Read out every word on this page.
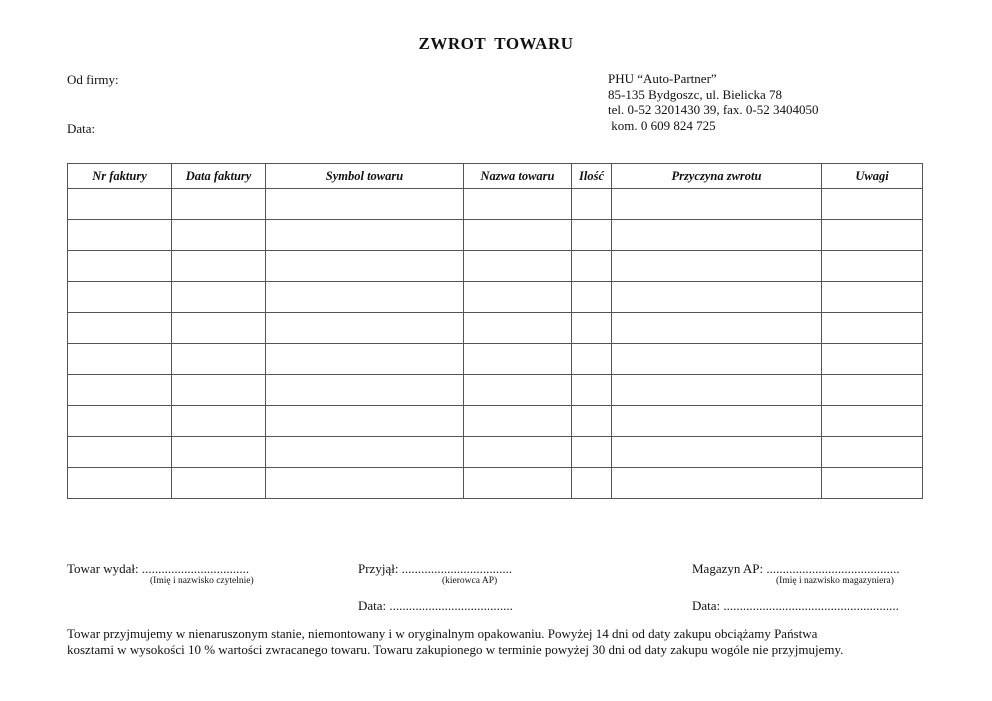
ZWROT TOWARU
Od firmy:
Data:
PHU “Auto-Partner”
85-135 Bydgoszc, ul. Bielicka 78
tel. 0-52 3201430 39, fax. 0-52 3404050
kom. 0 609 824 725
Nr faktury	Data faktury	Symbol towaru	Nazwa towaru	Ilość	Przyczyna zwrotu	Uwagi

Towar wydał: .................................
(Imię i nazwisko czytelnie)
Przyjął: ..................................
(kierowca AP)
Data: ......................................
Magazyn AP: .........................................
(Imię i nazwisko magazyniera)
Data: ......................................................
Towar przyjmujemy w nienaruszonym stanie, niemontowany i w oryginalnym opakowaniu. Powyżej 14 dni od daty zakupu obciążamy Państwa
kosztami w wysokości 10 % wartości zwracanego towaru. Towaru zakupionego w terminie powyżej 30 dni od daty zakupu wogóle nie przyjmujemy.
